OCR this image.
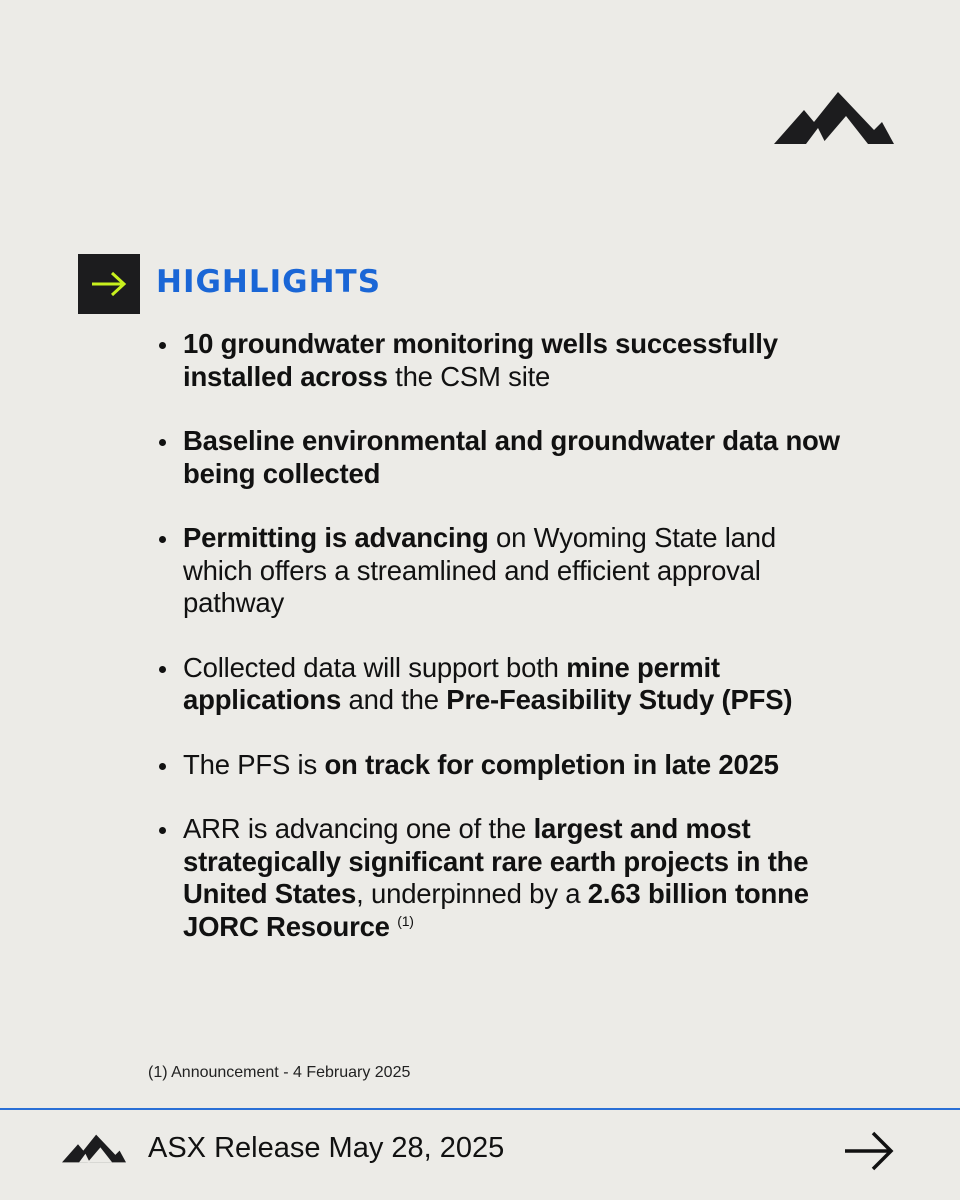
HIGHLIGHTS
10 groundwater monitoring wells successfully installed across the CSM site
Baseline environmental and groundwater data now being collected
Permitting is advancing on Wyoming State land which offers a streamlined and efficient approval pathway
Collected data will support both mine permit applications and the Pre-Feasibility Study (PFS)
The PFS is on track for completion in late 2025
ARR is advancing one of the largest and most strategically significant rare earth projects in the United States, underpinned by a 2.63 billion tonne JORC Resource $^{(1)}$
(1) Announcement - 4 February 2025
ASX Release May 28, 2025
